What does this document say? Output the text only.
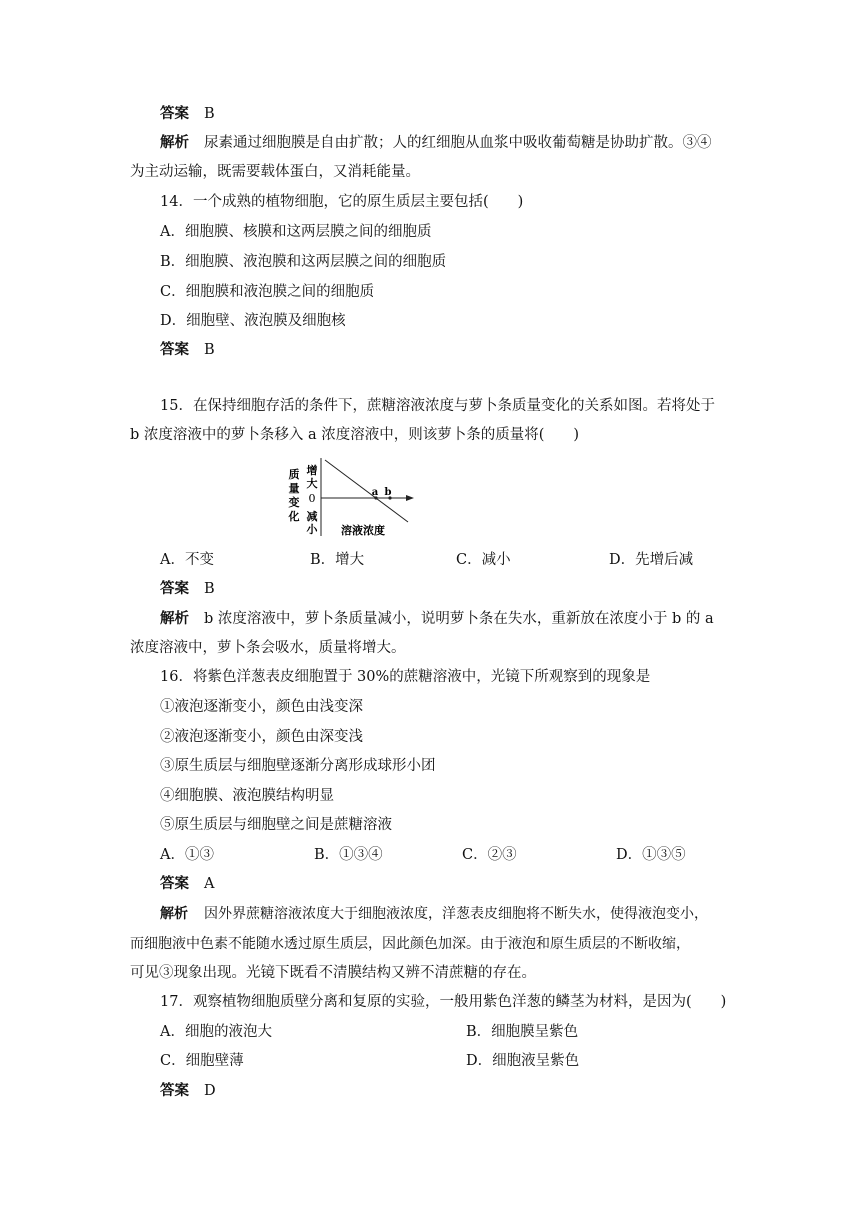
答案 B
解析 尿素通过细胞膜是自由扩散；人的红细胞从血浆中吸收葡萄糖是协助扩散。③④
为主动运输，既需要载体蛋白，又消耗能量。
14．一个成熟的植物细胞，它的原生质层主要包括(　　)
A．细胞膜、核膜和这两层膜之间的细胞质
B．细胞膜、液泡膜和这两层膜之间的细胞质
C．细胞膜和液泡膜之间的细胞质
D．细胞壁、液泡膜及细胞核
答案 B
15．在保持细胞存活的条件下，蔗糖溶液浓度与萝卜条质量变化的关系如图。若将处于
b 浓度溶液中的萝卜条移入 a 浓度溶液中，则该萝卜条的质量将(　　)
质
量
变
化
增
大
0
减
小
a b
溶液浓度
A．不变	B．增大	C．减小	D．先增后减
答案 B
解析 b 浓度溶液中，萝卜条质量减小，说明萝卜条在失水，重新放在浓度小于 b 的 a
浓度溶液中，萝卜条会吸水，质量将增大。
16．将紫色洋葱表皮细胞置于 30%的蔗糖溶液中，光镜下所观察到的现象是
①液泡逐渐变小，颜色由浅变深
②液泡逐渐变小，颜色由深变浅
③原生质层与细胞壁逐渐分离形成球形小团
④细胞膜、液泡膜结构明显
⑤原生质层与细胞壁之间是蔗糖溶液
A．①③	B．①③④	C．②③	D．①③⑤
答案 A
解析 因外界蔗糖溶液浓度大于细胞液浓度，洋葱表皮细胞将不断失水，使得液泡变小，
而细胞液中色素不能随水透过原生质层，因此颜色加深。由于液泡和原生质层的不断收缩，
可见③现象出现。光镜下既看不清膜结构又辨不清蔗糖的存在。
17．观察植物细胞质壁分离和复原的实验，一般用紫色洋葱的鳞茎为材料，是因为(　　)
A．细胞的液泡大	B．细胞膜呈紫色
C．细胞壁薄	D．细胞液呈紫色
答案 D
